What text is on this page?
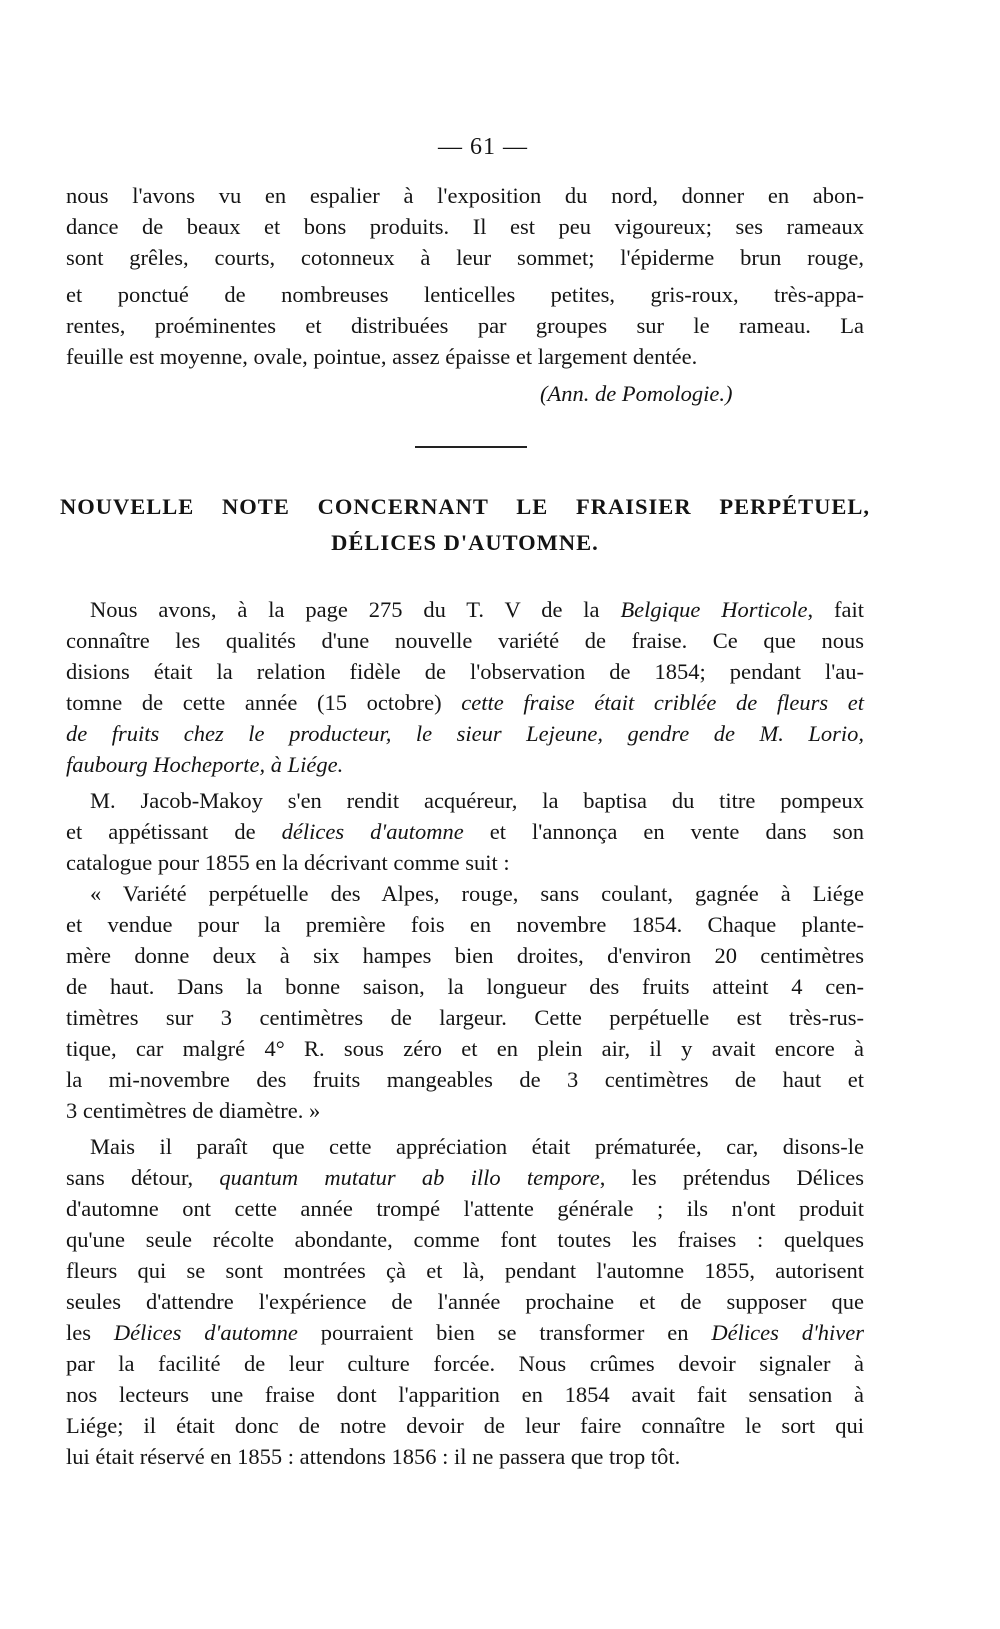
— 61 —
nous l'avons vu en espalier à l'exposition du nord, donner en abon-
dance de beaux et bons produits. Il est peu vigoureux; ses rameaux
sont grêles, courts, cotonneux à leur sommet; l'épiderme brun rouge,
et ponctué de nombreuses lenticelles petites, gris-roux, très-appa-
rentes, proéminentes et distribuées par groupes sur le rameau. La
feuille est moyenne, ovale, pointue, assez épaisse et largement dentée.
(Ann. de Pomologie.)
NOUVELLE NOTE CONCERNANT LE FRAISIER PERPÉTUEL,
DÉLICES D'AUTOMNE.
Nous avons, à la page 275 du T. V de la Belgique Horticole, fait
connaître les qualités d'une nouvelle variété de fraise. Ce que nous
disions était la relation fidèle de l'observation de 1854; pendant l'au-
tomne de cette année (15 octobre) cette fraise était criblée de fleurs et
de fruits chez le producteur, le sieur Lejeune, gendre de M. Lorio,
faubourg Hocheporte, à Liége.
M. Jacob-Makoy s'en rendit acquéreur, la baptisa du titre pompeux
et appétissant de délices d'automne et l'annonça en vente dans son
catalogue pour 1855 en la décrivant comme suit :
« Variété perpétuelle des Alpes, rouge, sans coulant, gagnée à Liége
et vendue pour la première fois en novembre 1854. Chaque plante-
mère donne deux à six hampes bien droites, d'environ 20 centimètres
de haut. Dans la bonne saison, la longueur des fruits atteint 4 cen-
timètres sur 3 centimètres de largeur. Cette perpétuelle est très-rus-
tique, car malgré 4° R. sous zéro et en plein air, il y avait encore à
la mi-novembre des fruits mangeables de 3 centimètres de haut et
3 centimètres de diamètre. »
Mais il paraît que cette appréciation était prématurée, car, disons-le
sans détour, quantum mutatur ab illo tempore, les prétendus Délices
d'automne ont cette année trompé l'attente générale ; ils n'ont produit
qu'une seule récolte abondante, comme font toutes les fraises : quelques
fleurs qui se sont montrées çà et là, pendant l'automne 1855, autorisent
seules d'attendre l'expérience de l'année prochaine et de supposer que
les Délices d'automne pourraient bien se transformer en Délices d'hiver
par la facilité de leur culture forcée. Nous crûmes devoir signaler à
nos lecteurs une fraise dont l'apparition en 1854 avait fait sensation à
Liége; il était donc de notre devoir de leur faire connaître le sort qui
lui était réservé en 1855 : attendons 1856 : il ne passera que trop tôt.
